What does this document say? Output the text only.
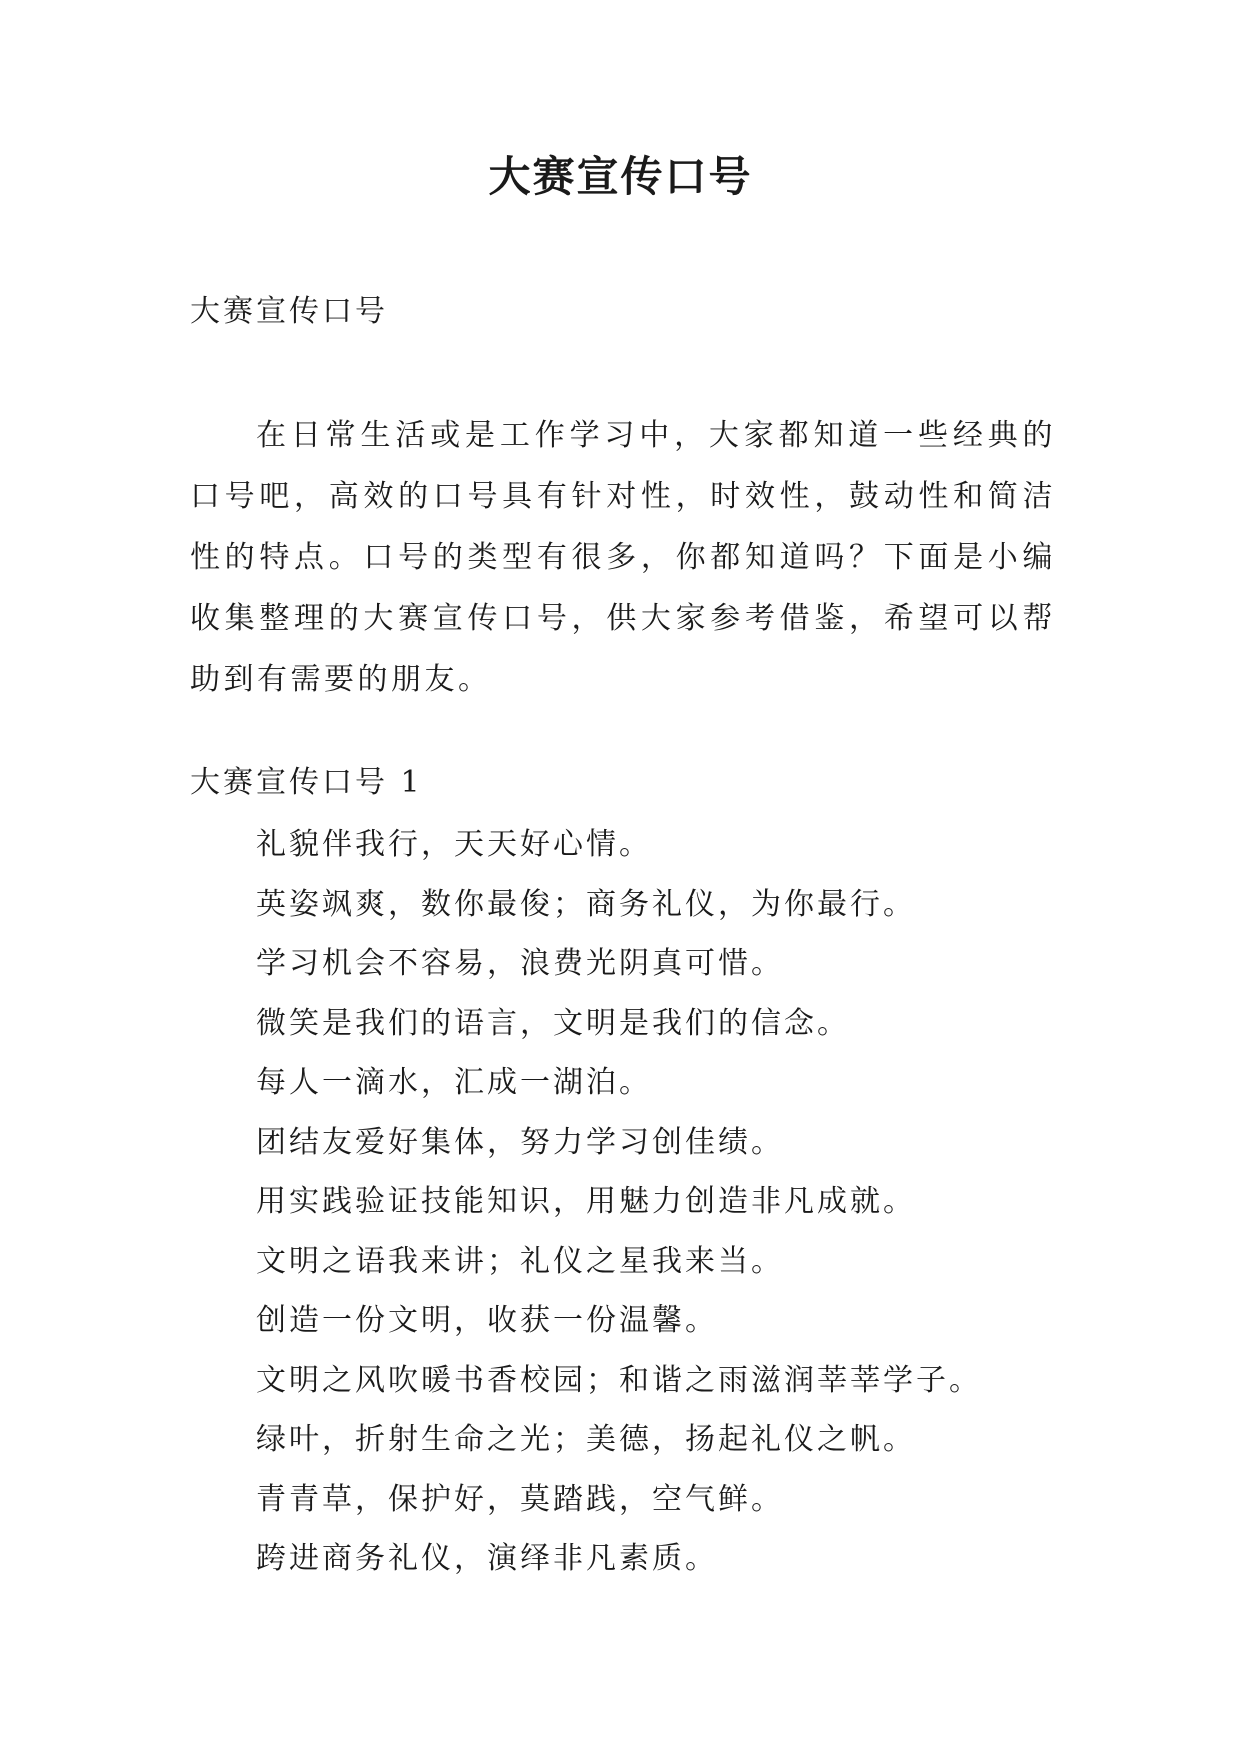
大赛宣传口号

大赛宣传口号

在日常生活或是工作学习中，大家都知道一些经典的口号吧，高效的口号具有针对性，时效性，鼓动性和简洁性的特点。口号的类型有很多，你都知道吗？下面是小编收集整理的大赛宣传口号，供大家参考借鉴，希望可以帮助到有需要的朋友。

大赛宣传口号 1

礼貌伴我行，天天好心情。
英姿飒爽，数你最俊；商务礼仪，为你最行。
学习机会不容易，浪费光阴真可惜。
微笑是我们的语言，文明是我们的信念。
每人一滴水，汇成一湖泊。
团结友爱好集体，努力学习创佳绩。
用实践验证技能知识，用魅力创造非凡成就。
文明之语我来讲；礼仪之星我来当。
创造一份文明，收获一份温馨。
文明之风吹暖书香校园；和谐之雨滋润莘莘学子。
绿叶，折射生命之光；美德，扬起礼仪之帆。
青青草，保护好，莫踏践，空气鲜。
跨进商务礼仪，演绎非凡素质。
